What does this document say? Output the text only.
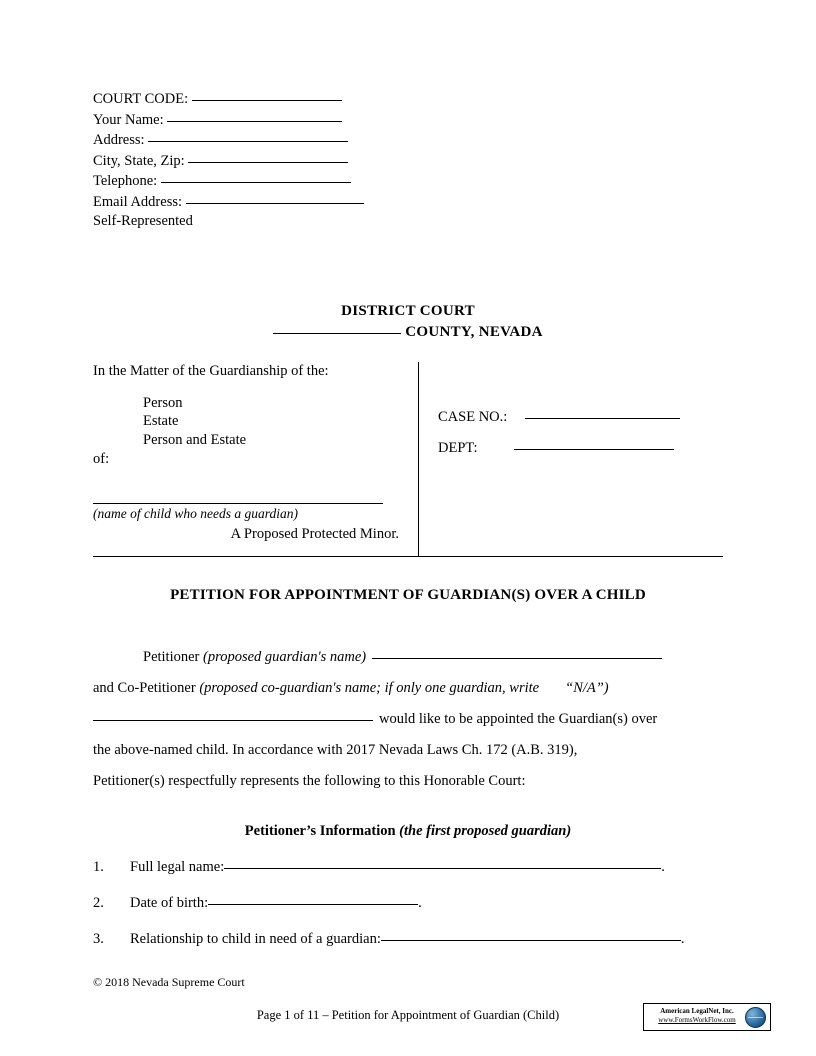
COURT CODE:
Your Name:
Address:
City, State, Zip:
Telephone:
Email Address:
Self-Represented
DISTRICT COURT
COUNTY, NEVADA
In the Matter of the Guardianship of the:
Person
Estate
Person and Estate
of:
(name of child who needs a guardian)
A Proposed Protected Minor.
CASE NO.:
DEPT:
PETITION FOR APPOINTMENT OF GUARDIAN(S) OVER A CHILD
Petitioner (proposed guardian's name)
and Co-Petitioner (proposed co-guardian's name; if only one guardian, write “N/A”)
would like to be appointed the Guardian(s) over
the above-named child. In accordance with 2017 Nevada Laws Ch. 172 (A.B. 319),
Petitioner(s) respectfully represents the following to this Honorable Court:
Petitioner’s Information (the first proposed guardian)
1. Full legal name:	.
2. Date of birth:	.
3. Relationship to child in need of a guardian:	.
© 2018 Nevada Supreme Court
Page 1 of 11 – Petition for Appointment of Guardian (Child)	American LegalNet, Inc.
www.FormsWorkFlow.com
